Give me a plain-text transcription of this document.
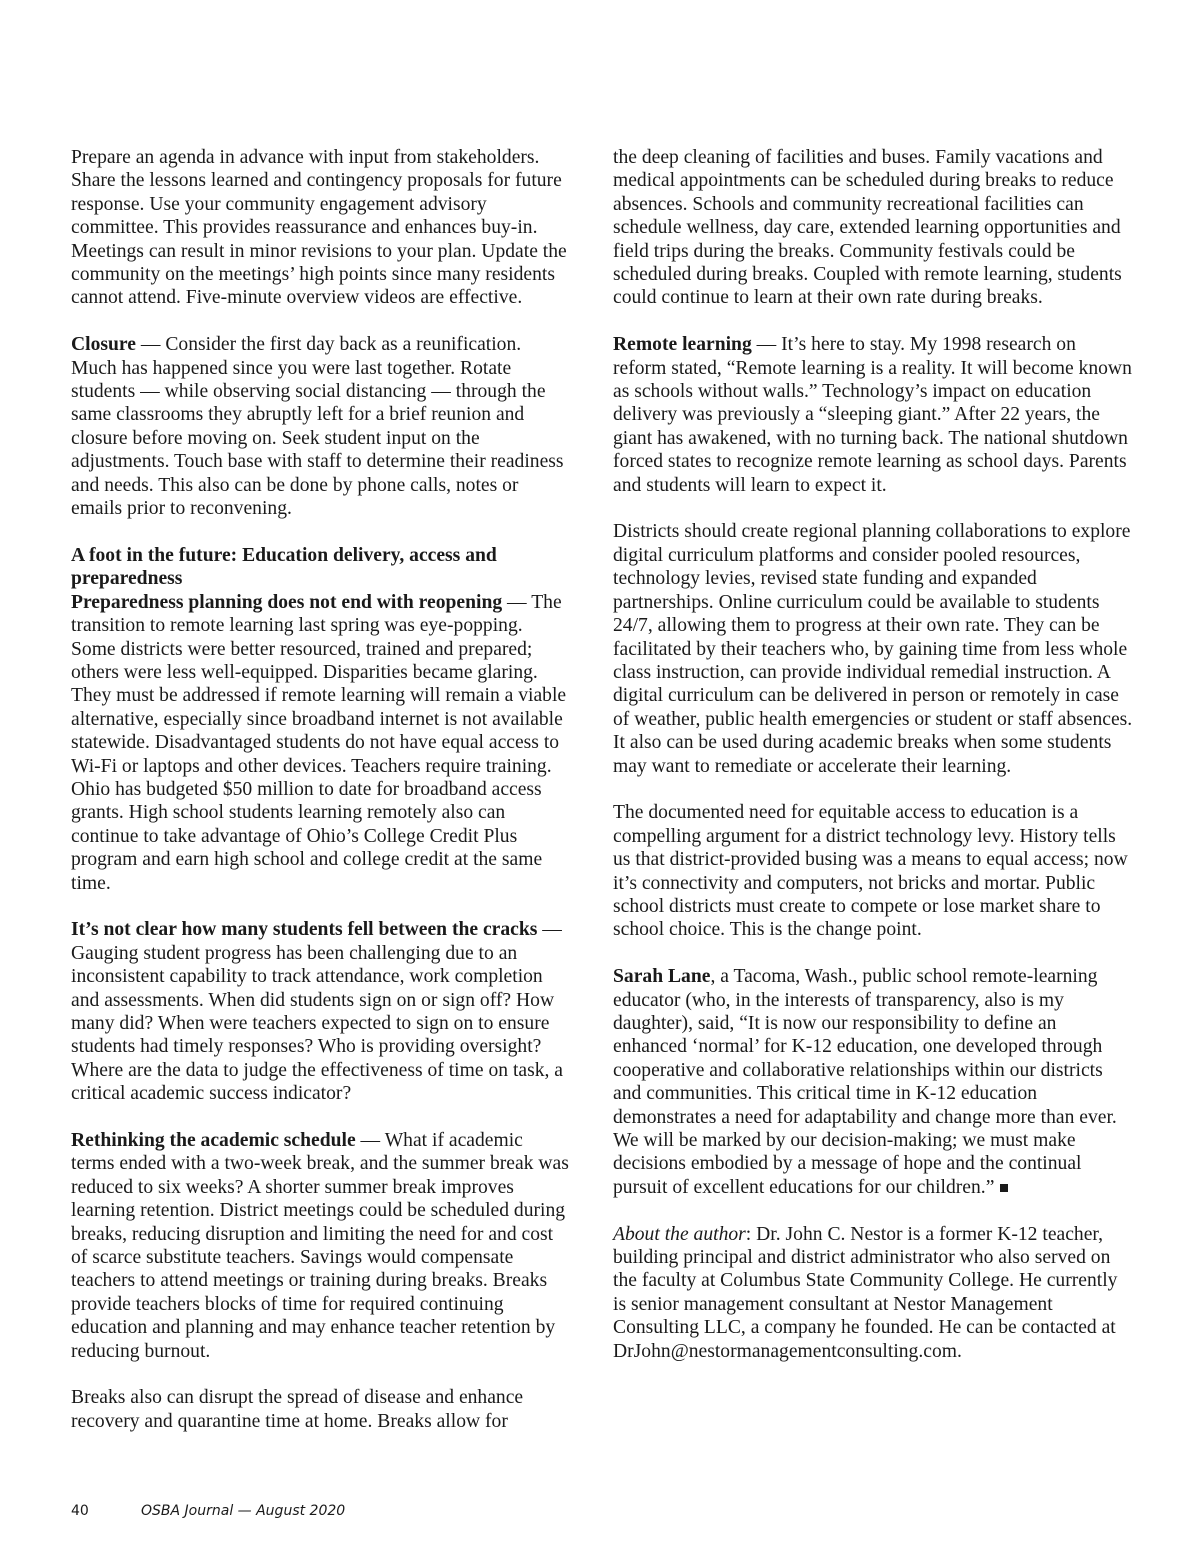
Prepare an agenda in advance with input from stakeholders. Share the lessons learned and contingency proposals for future response. Use your community engagement advisory committee. This provides reassurance and enhances buy-in. Meetings can result in minor revisions to your plan. Update the community on the meetings’ high points since many residents cannot attend. Five-minute overview videos are effective.

Closure — Consider the first day back as a reunification. Much has happened since you were last together. Rotate students — while observing social distancing — through the same classrooms they abruptly left for a brief reunion and closure before moving on. Seek student input on the adjustments. Touch base with staff to determine their readiness and needs. This also can be done by phone calls, notes or emails prior to reconvening.

A foot in the future: Education delivery, access and preparedness

Preparedness planning does not end with reopening — The transition to remote learning last spring was eye-popping. Some districts were better resourced, trained and prepared; others were less well-equipped. Disparities became glaring. They must be addressed if remote learning will remain a viable alternative, especially since broadband internet is not available statewide. Disadvantaged students do not have equal access to Wi-Fi or laptops and other devices. Teachers require training. Ohio has budgeted $50 million to date for broadband access grants. High school students learning remotely also can continue to take advantage of Ohio’s College Credit Plus program and earn high school and college credit at the same time.

It’s not clear how many students fell between the cracks — Gauging student progress has been challenging due to an inconsistent capability to track attendance, work completion and assessments. When did students sign on or sign off? How many did? When were teachers expected to sign on to ensure students had timely responses? Who is providing oversight? Where are the data to judge the effectiveness of time on task, a critical academic success indicator?

Rethinking the academic schedule — What if academic terms ended with a two-week break, and the summer break was reduced to six weeks? A shorter summer break improves learning retention. District meetings could be scheduled during breaks, reducing disruption and limiting the need for and cost of scarce substitute teachers. Savings would compensate teachers to attend meetings or training during breaks. Breaks provide teachers blocks of time for required continuing education and planning and may enhance teacher retention by reducing burnout.

Breaks also can disrupt the spread of disease and enhance recovery and quarantine time at home. Breaks allow for

the deep cleaning of facilities and buses. Family vacations and medical appointments can be scheduled during breaks to reduce absences. Schools and community recreational facilities can schedule wellness, day care, extended learning opportunities and field trips during the breaks. Community festivals could be scheduled during breaks. Coupled with remote learning, students could continue to learn at their own rate during breaks.

Remote learning — It’s here to stay. My 1998 research on reform stated, “Remote learning is a reality. It will become known as schools without walls.” Technology’s impact on education delivery was previously a “sleeping giant.” After 22 years, the giant has awakened, with no turning back. The national shutdown forced states to recognize remote learning as school days. Parents and students will learn to expect it.

Districts should create regional planning collaborations to explore digital curriculum platforms and consider pooled resources, technology levies, revised state funding and expanded partnerships. Online curriculum could be available to students 24/7, allowing them to progress at their own rate. They can be facilitated by their teachers who, by gaining time from less whole class instruction, can provide individual remedial instruction. A digital curriculum can be delivered in person or remotely in case of weather, public health emergencies or student or staff absences. It also can be used during academic breaks when some students may want to remediate or accelerate their learning.

The documented need for equitable access to education is a compelling argument for a district technology levy. History tells us that district-provided busing was a means to equal access; now it’s connectivity and computers, not bricks and mortar. Public school districts must create to compete or lose market share to school choice. This is the change point.

Sarah Lane, a Tacoma, Wash., public school remote-learning educator (who, in the interests of transparency, also is my daughter), said, “It is now our responsibility to define an enhanced ‘normal’ for K-12 education, one developed through cooperative and collaborative relationships within our districts and communities. This critical time in K-12 education demonstrates a need for adaptability and change more than ever. We will be marked by our decision-making; we must make decisions embodied by a message of hope and the continual pursuit of excellent educations for our children.”

About the author: Dr. John C. Nestor is a former K-12 teacher, building principal and district administrator who also served on the faculty at Columbus State Community College. He currently is senior management consultant at Nestor Management Consulting LLC, a company he founded. He can be contacted at DrJohn@nestormanagementconsulting.com.

40	OSBA Journal — August 2020
